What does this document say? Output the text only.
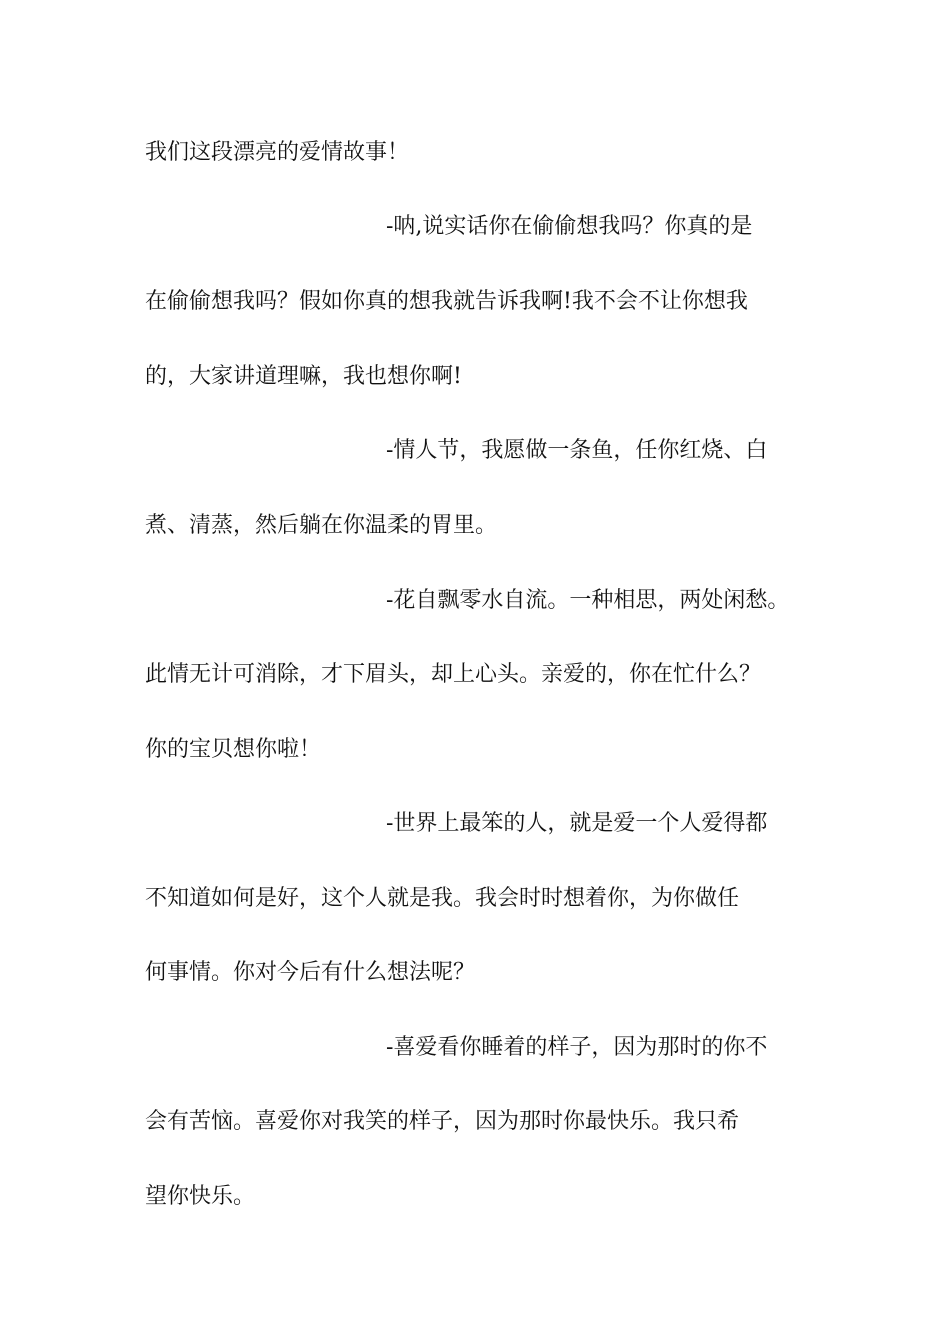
我们这段漂亮的爱情故事！
-呐,说实话你在偷偷想我吗？你真的是
在偷偷想我吗？假如你真的想我就告诉我啊!我不会不让你想我
的，大家讲道理嘛，我也想你啊!
-情人节，我愿做一条鱼，任你红烧、白
煮、清蒸，然后躺在你温柔的胃里。
-花自飘零水自流。一种相思，两处闲愁。
此情无计可消除，才下眉头，却上心头。亲爱的，你在忙什么？
你的宝贝想你啦！
-世界上最笨的人，就是爱一个人爱得都
不知道如何是好，这个人就是我。我会时时想着你，为你做任
何事情。你对今后有什么想法呢？
-喜爱看你睡着的样子，因为那时的你不
会有苦恼。喜爱你对我笑的样子，因为那时你最快乐。我只希
望你快乐。
